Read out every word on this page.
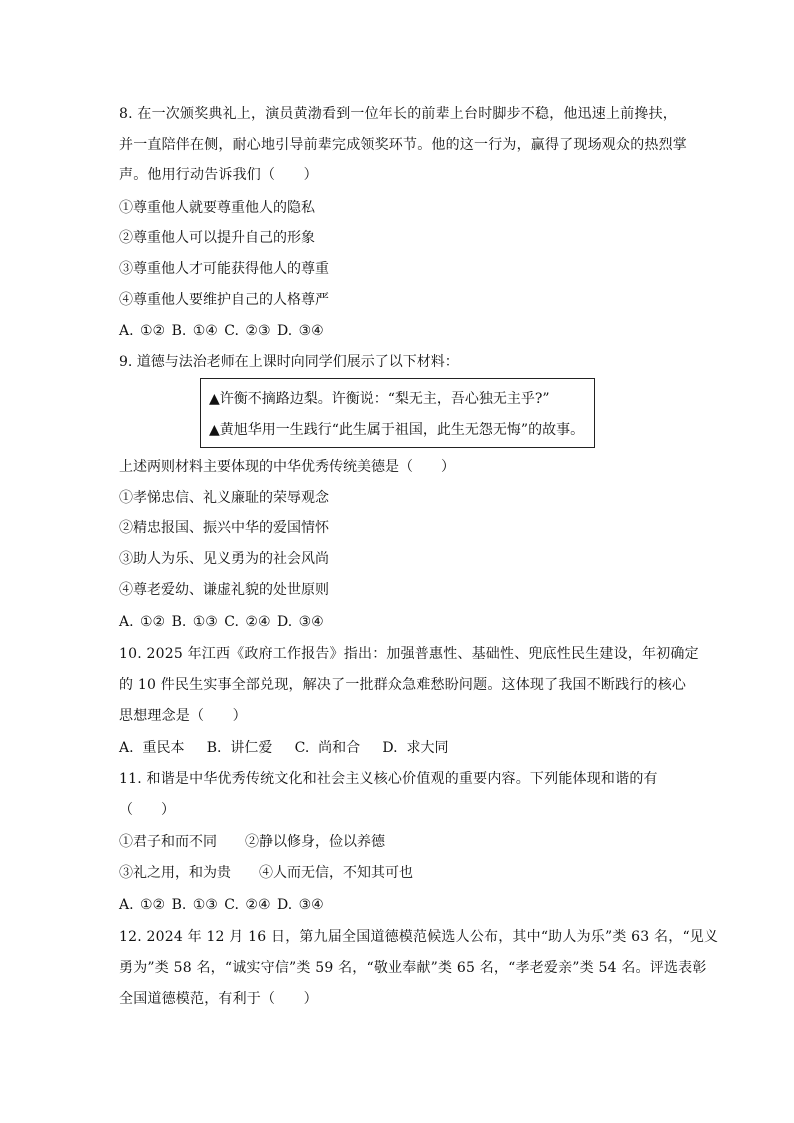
8. 在一次颁奖典礼上，演员黄渤看到一位年长的前辈上台时脚步不稳，他迅速上前搀扶，
并一直陪伴在侧，耐心地引导前辈完成领奖环节。他的这一行为，赢得了现场观众的热烈掌
声。他用行动告诉我们（　　）
①尊重他人就要尊重他人的隐私
②尊重他人可以提升自己的形象
③尊重他人才可能获得他人的尊重
④尊重他人要维护自己的人格尊严
A. ①② B. ①④ C. ②③ D. ③④
9. 道德与法治老师在上课时向同学们展示了以下材料：
▲许衡不摘路边梨。许衡说：“梨无主，吾心独无主乎?”
▲黄旭华用一生践行“此生属于祖国，此生无怨无悔”的故事。
上述两则材料主要体现的中华优秀传统美德是（　　）
①孝悌忠信、礼义廉耻的荣辱观念
②精忠报国、振兴中华的爱国情怀
③助人为乐、见义勇为的社会风尚
④尊老爱幼、谦虚礼貌的处世原则
A. ①② B. ①③ C. ②④ D. ③④
10. 2025 年江西《政府工作报告》指出：加强普惠性、基础性、兜底性民生建设，年初确定
的 10 件民生实事全部兑现，解决了一批群众急难愁盼问题。这体现了我国不断践行的核心
思想理念是（　　）
A.  重民本     B.  讲仁爱     C.  尚和合     D.  求大同
11. 和谐是中华优秀传统文化和社会主义核心价值观的重要内容。下列能体现和谐的有
（　　）
①君子和而不同 ②静以修身，俭以养德
③礼之用，和为贵 ④人而无信，不知其可也
A. ①② B. ①③ C. ②④ D. ③④
12. 2024 年 12 月 16 日，第九届全国道德模范候选人公布，其中“助人为乐”类 63 名，“见义
勇为”类 58 名，“诚实守信”类 59 名，“敬业奉献”类 65 名，“孝老爱亲”类 54 名。评选表彰
全国道德模范，有利于（　　）
